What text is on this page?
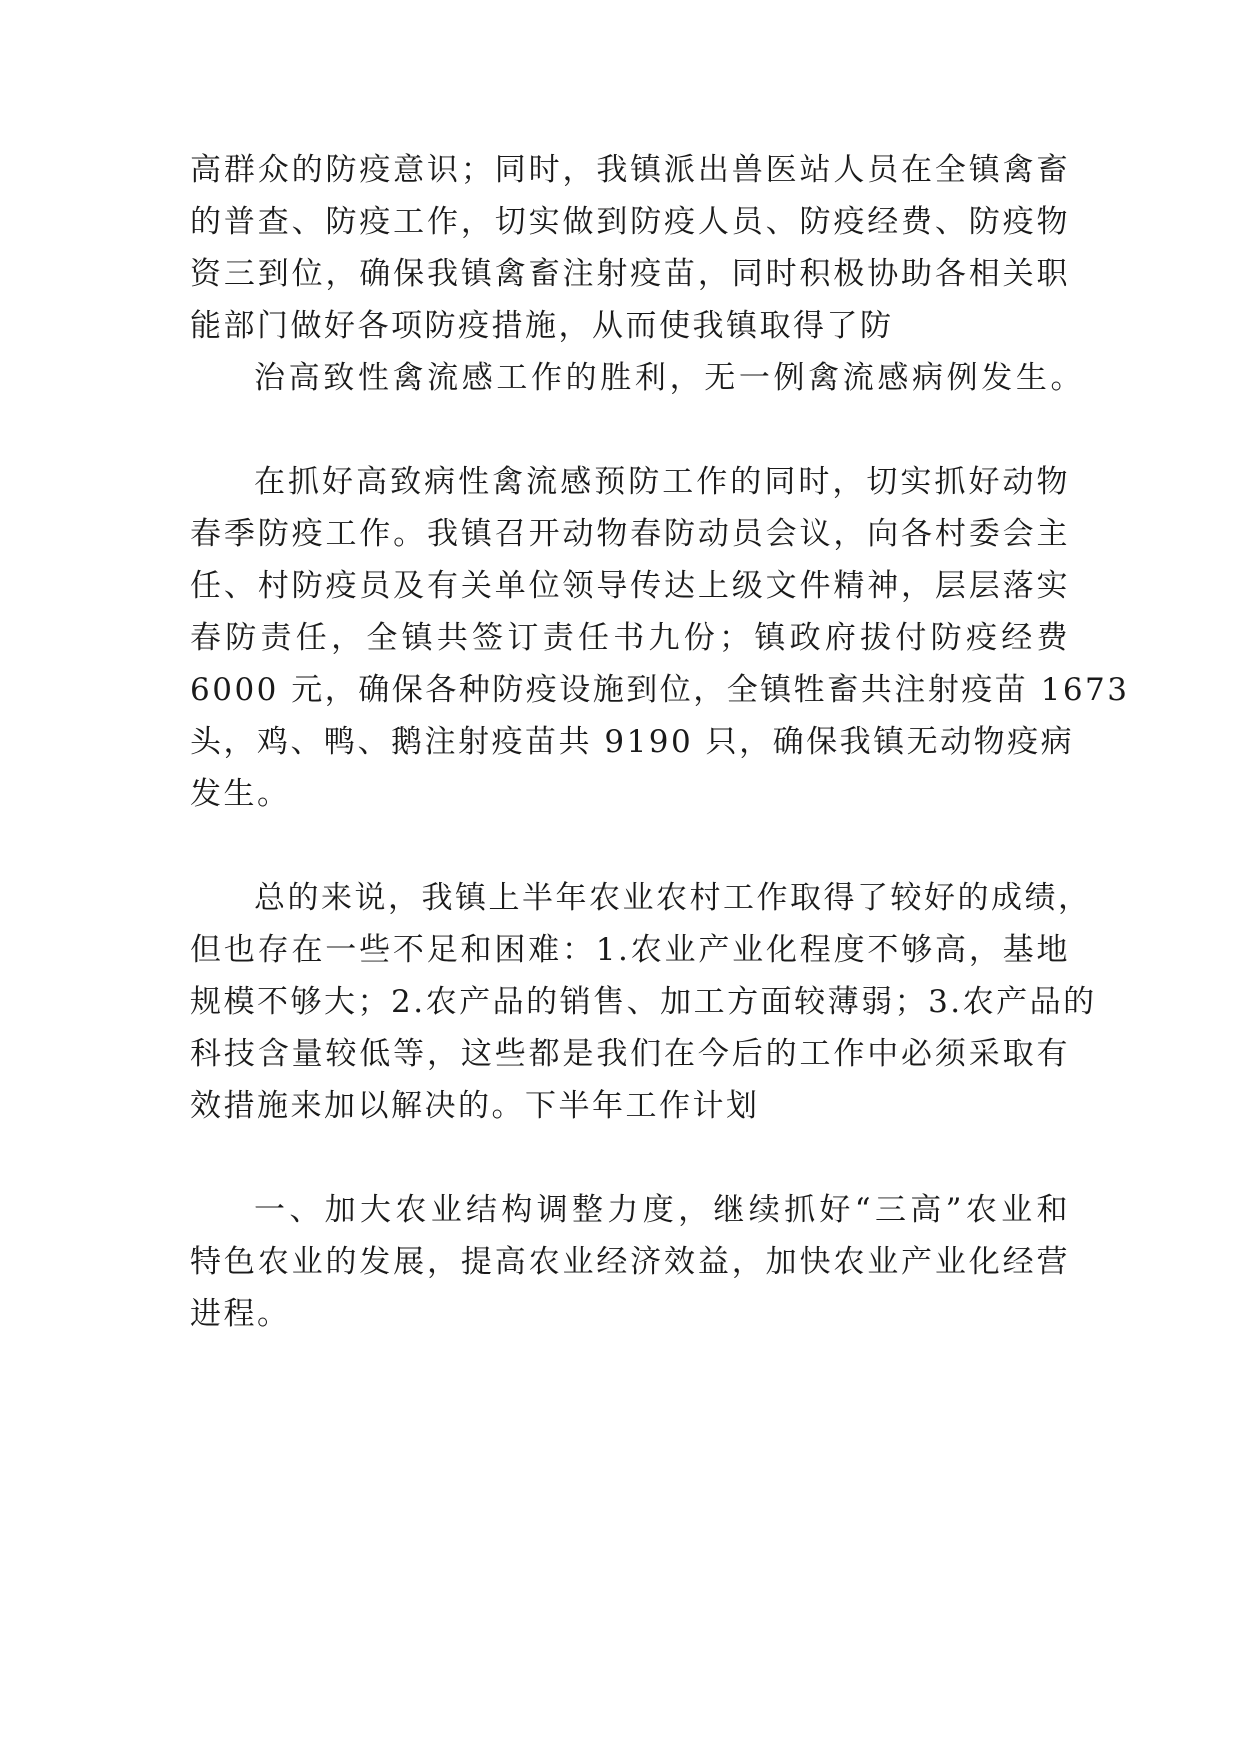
高群众的防疫意识；同时，我镇派出兽医站人员在全镇禽畜
的普查、防疫工作，切实做到防疫人员、防疫经费、防疫物
资三到位，确保我镇禽畜注射疫苗，同时积极协助各相关职
能部门做好各项防疫措施，从而使我镇取得了防
治高致性禽流感工作的胜利，无一例禽流感病例发生。
在抓好高致病性禽流感预防工作的同时，切实抓好动物
春季防疫工作。我镇召开动物春防动员会议，向各村委会主
任、村防疫员及有关单位领导传达上级文件精神，层层落实
春防责任，全镇共签订责任书九份；镇政府拔付防疫经费
6000 元，确保各种防疫设施到位，全镇牲畜共注射疫苗 1673
头，鸡、鸭、鹅注射疫苗共 9190 只，确保我镇无动物疫病
发生。
总的来说，我镇上半年农业农村工作取得了较好的成绩，
但也存在一些不足和困难：1.农业产业化程度不够高，基地
规模不够大；2.农产品的销售、加工方面较薄弱；3.农产品的
科技含量较低等，这些都是我们在今后的工作中必须采取有
效措施来加以解决的。下半年工作计划
一、加大农业结构调整力度，继续抓好“三高”农业和
特色农业的发展，提高农业经济效益，加快农业产业化经营
进程。
